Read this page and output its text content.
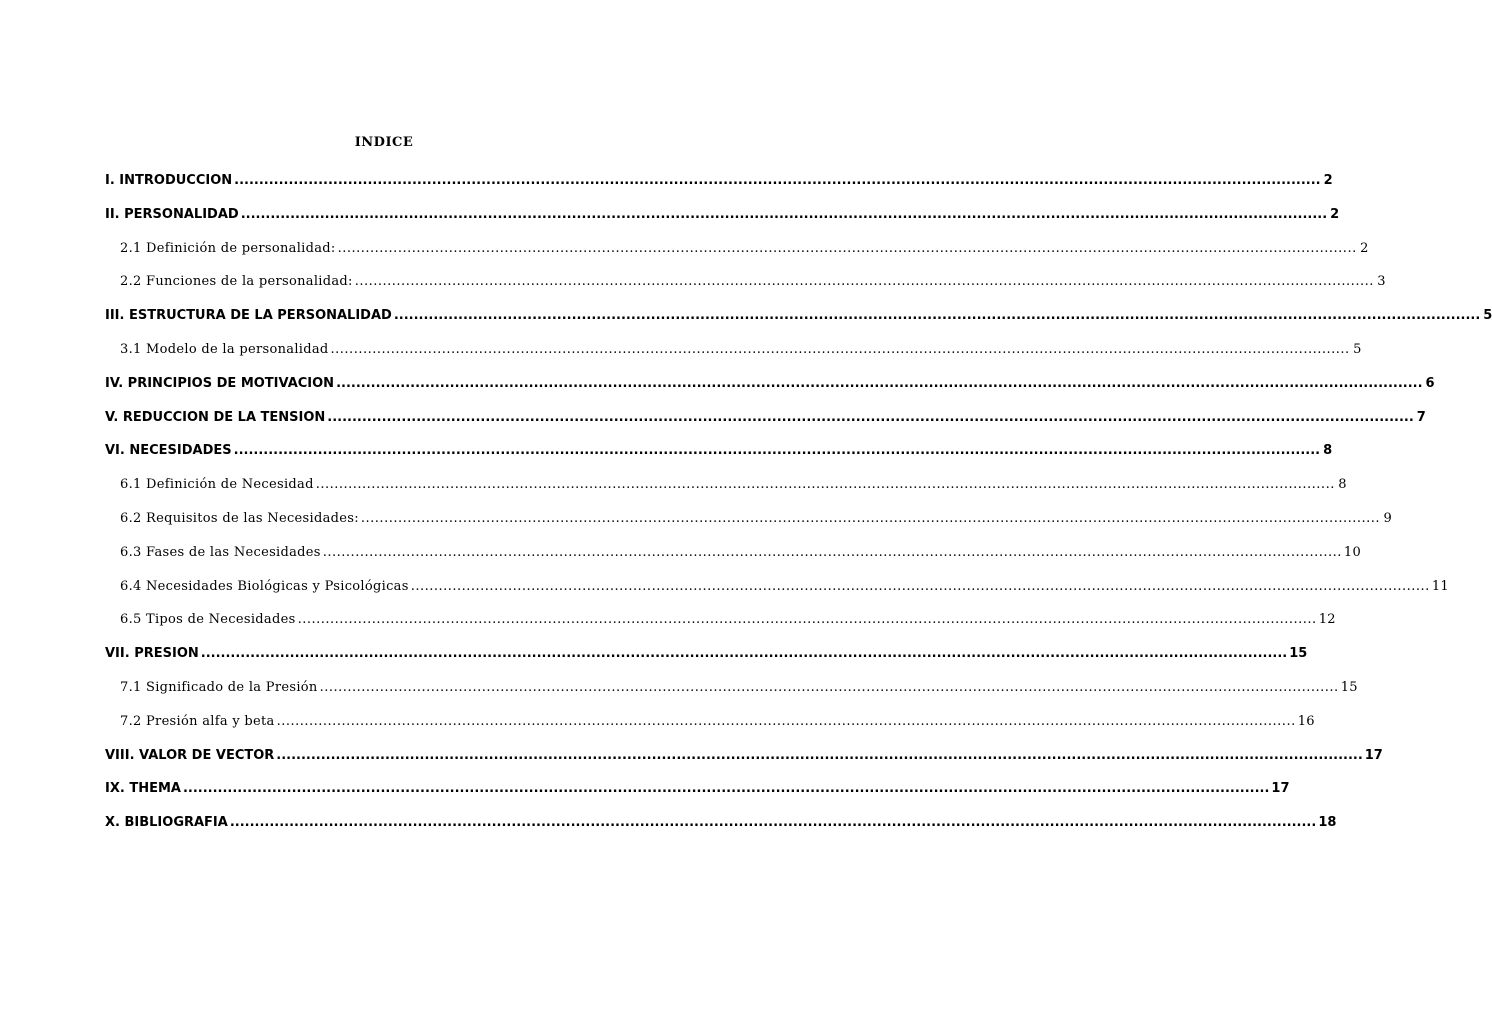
INDICE
I. INTRODUCCION ............................................................................................................................................................................................................................ 2
II. PERSONALIDAD ............................................................................................................................................................................................................................ 2
2.1 Definición de personalidad: ............................................................................................................................................................................................................................ 2
2.2 Funciones de la personalidad: ............................................................................................................................................................................................................................ 3
III. ESTRUCTURA DE LA PERSONALIDAD ............................................................................................................................................................................................................................ 5
3.1 Modelo de la personalidad ............................................................................................................................................................................................................................ 5
IV. PRINCIPIOS DE MOTIVACION ............................................................................................................................................................................................................................ 6
V. REDUCCION DE LA TENSION ............................................................................................................................................................................................................................ 7
VI. NECESIDADES ............................................................................................................................................................................................................................ 8
6.1 Definición de Necesidad ............................................................................................................................................................................................................................ 8
6.2 Requisitos de las Necesidades: ............................................................................................................................................................................................................................ 9
6.3 Fases de las Necesidades ............................................................................................................................................................................................................................ 10
6.4 Necesidades Biológicas y Psicológicas ............................................................................................................................................................................................................................ 11
6.5 Tipos de Necesidades ............................................................................................................................................................................................................................ 12
VII. PRESION ............................................................................................................................................................................................................................ 15
7.1 Significado de la Presión ............................................................................................................................................................................................................................ 15
7.2 Presión alfa y beta ............................................................................................................................................................................................................................ 16
VIII. VALOR DE VECTOR ............................................................................................................................................................................................................................ 17
IX. THEMA ............................................................................................................................................................................................................................ 17
X. BIBLIOGRAFIA ............................................................................................................................................................................................................................ 18
